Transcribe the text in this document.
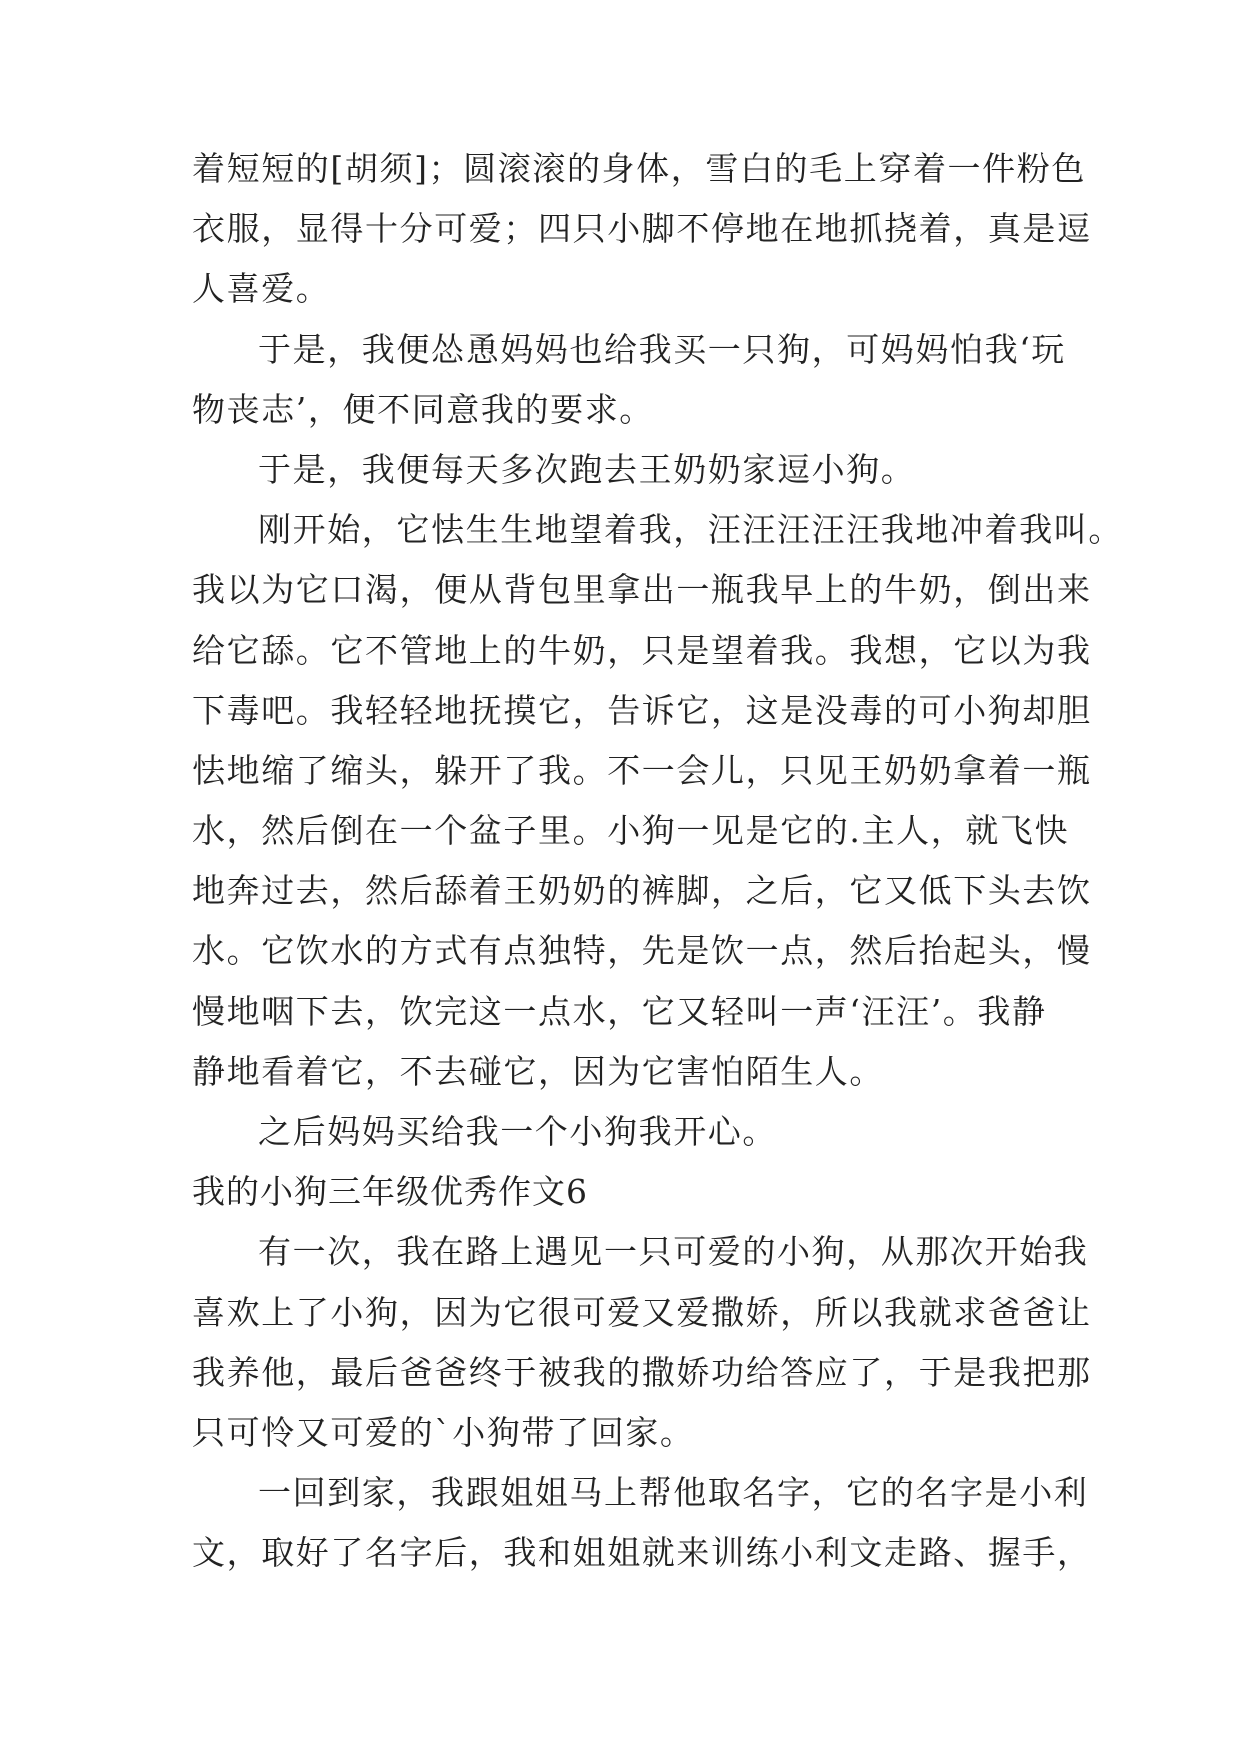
着短短的[胡须]；圆滚滚的身体，雪白的毛上穿着一件粉色
衣服，显得十分可爱；四只小脚不停地在地抓挠着，真是逗
人喜爱。
于是，我便怂恿妈妈也给我买一只狗，可妈妈怕我‘玩
物丧志’，便不同意我的要求。
于是，我便每天多次跑去王奶奶家逗小狗。
刚开始，它怯生生地望着我，汪汪汪汪汪我地冲着我叫。
我以为它口渴，便从背包里拿出一瓶我早上的牛奶，倒出来
给它舔。它不管地上的牛奶，只是望着我。我想，它以为我
下毒吧。我轻轻地抚摸它，告诉它，这是没毒的可小狗却胆
怯地缩了缩头，躲开了我。不一会儿，只见王奶奶拿着一瓶
水，然后倒在一个盆子里。小狗一见是它的.主人，就飞快
地奔过去，然后舔着王奶奶的裤脚，之后，它又低下头去饮
水。它饮水的方式有点独特，先是饮一点，然后抬起头，慢
慢地咽下去，饮完这一点水，它又轻叫一声‘汪汪’。我静
静地看着它，不去碰它，因为它害怕陌生人。
之后妈妈买给我一个小狗我开心。
我的小狗三年级优秀作文6
有一次，我在路上遇见一只可爱的小狗，从那次开始我
喜欢上了小狗，因为它很可爱又爱撒娇，所以我就求爸爸让
我养他，最后爸爸终于被我的撒娇功给答应了，于是我把那
只可怜又可爱的`小狗带了回家。
一回到家，我跟姐姐马上帮他取名字，它的名字是小利
文，取好了名字后，我和姐姐就来训练小利文走路、握手，
